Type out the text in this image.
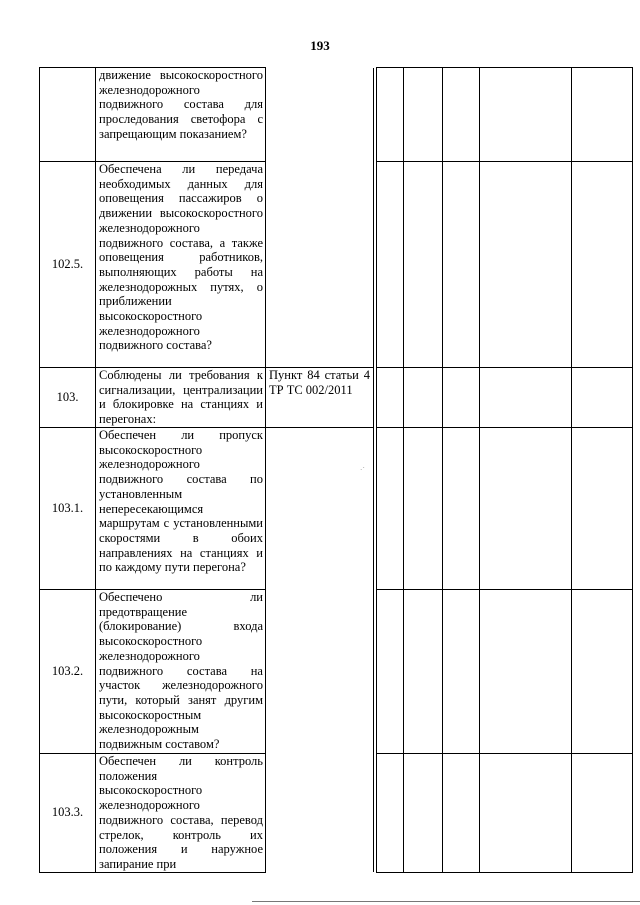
193
	движение высокоскоростного железнодорожного подвижного состава для проследования светофора с запрещающим показанием?							
102.5.	Обеспечена ли передача необходимых данных для оповещения пассажиров о движении высокоскоростного железнодорожного подвижного состава, а также оповещения работников, выполняющих работы на железнодорожных путях, о приближении высокоскоростного железнодорожного подвижного состава?							
103.	Соблюдены ли требования к сигнализации, централизации и блокировке на станциях и перегонах:	Пункт 84 статьи 4 ТР ТС 002/2011						
103.1.	Обеспечен ли пропуск высокоскоростного железнодорожного подвижного состава по установленным непересекающимся маршрутам с установленными скоростями в обоих направлениях на станциях и по каждому пути перегона?							
103.2.	Обеспечено ли предотвращение (блокирование) входа высокоскоростного железнодорожного подвижного состава на участок железнодорожного пути, который занят другим высокоскоростным железнодорожным подвижным составом?							
103.3.	Обеспечен ли контроль положения высокоскоростного железнодорожного подвижного состава, перевод стрелок, контроль их положения и наружное запирание при							
·´
